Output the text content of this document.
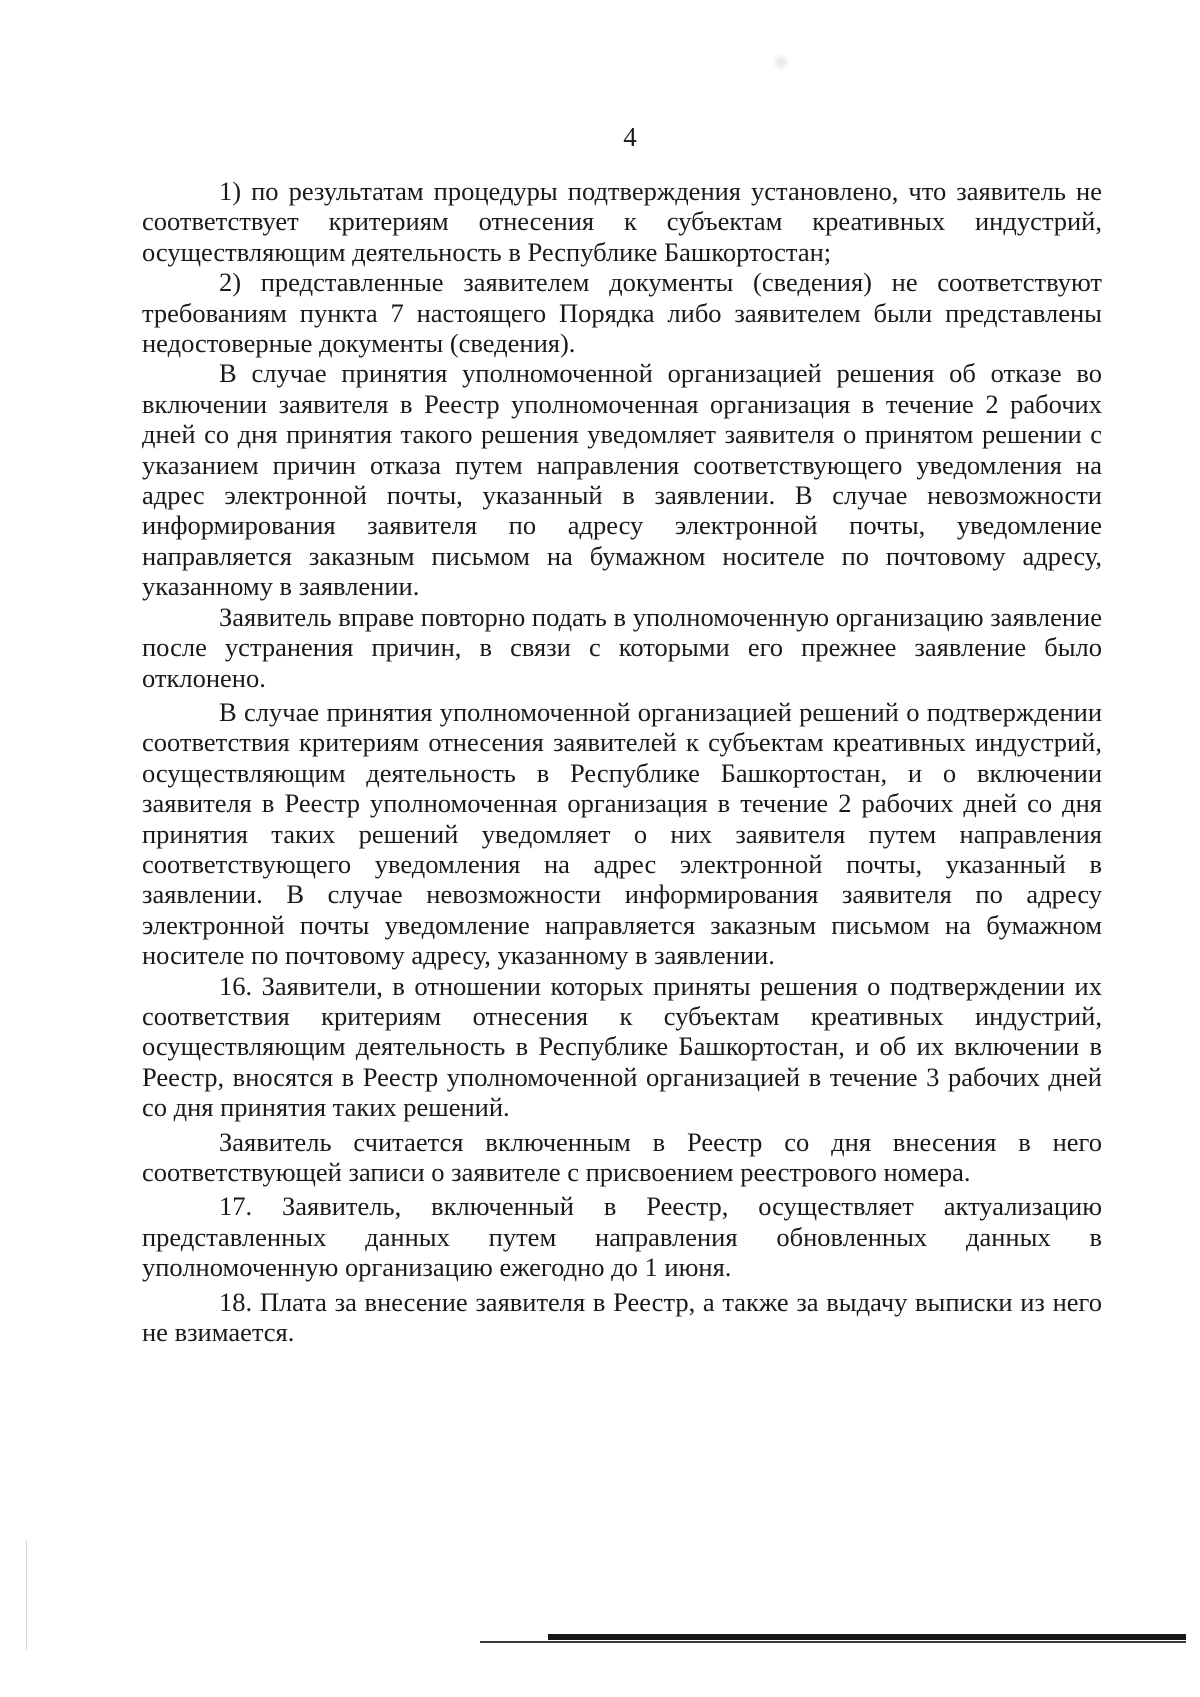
4

1) по результатам процедуры подтверждения установлено, что заявитель не соответствует критериям отнесения к субъектам креативных индустрий, осуществляющим деятельность в Республике Башкортостан;

2) представленные заявителем документы (сведения) не соответствуют требованиям пункта 7 настоящего Порядка либо заявителем были представлены недостоверные документы (сведения).

В случае принятия уполномоченной организацией решения об отказе во включении заявителя в Реестр уполномоченная организация в течение 2 рабочих дней со дня принятия такого решения уведомляет заявителя о принятом решении с указанием причин отказа путем направления соответствующего уведомления на адрес электронной почты, указанный в заявлении. В случае невозможности информирования заявителя по адресу электронной почты, уведомление направляется заказным письмом на бумажном носителе по почтовому адресу, указанному в заявлении.

Заявитель вправе повторно подать в уполномоченную организацию заявление после устранения причин, в связи с которыми его прежнее заявление было отклонено.

В случае принятия уполномоченной организацией решений о подтверждении соответствия критериям отнесения заявителей к субъектам креативных индустрий, осуществляющим деятельность в Республике Башкортостан, и о включении заявителя в Реестр уполномоченная организация в течение 2 рабочих дней со дня принятия таких решений уведомляет о них заявителя путем направления соответствующего уведомления на адрес электронной почты, указанный в заявлении. В случае невозможности информирования заявителя по адресу электронной почты уведомление направляется заказным письмом на бумажном носителе по почтовому адресу, указанному в заявлении.

16. Заявители, в отношении которых приняты решения о подтверждении их соответствия критериям отнесения к субъектам креативных индустрий, осуществляющим деятельность в Республике Башкортостан, и об их включении в Реестр, вносятся в Реестр уполномоченной организацией в течение 3 рабочих дней со дня принятия таких решений.

Заявитель считается включенным в Реестр со дня внесения в него соответствующей записи о заявителе с присвоением реестрового номера.

17. Заявитель, включенный в Реестр, осуществляет актуализацию представленных данных путем направления обновленных данных в уполномоченную организацию ежегодно до 1 июня.

18. Плата за внесение заявителя в Реестр, а также за выдачу выписки из него не взимается.
